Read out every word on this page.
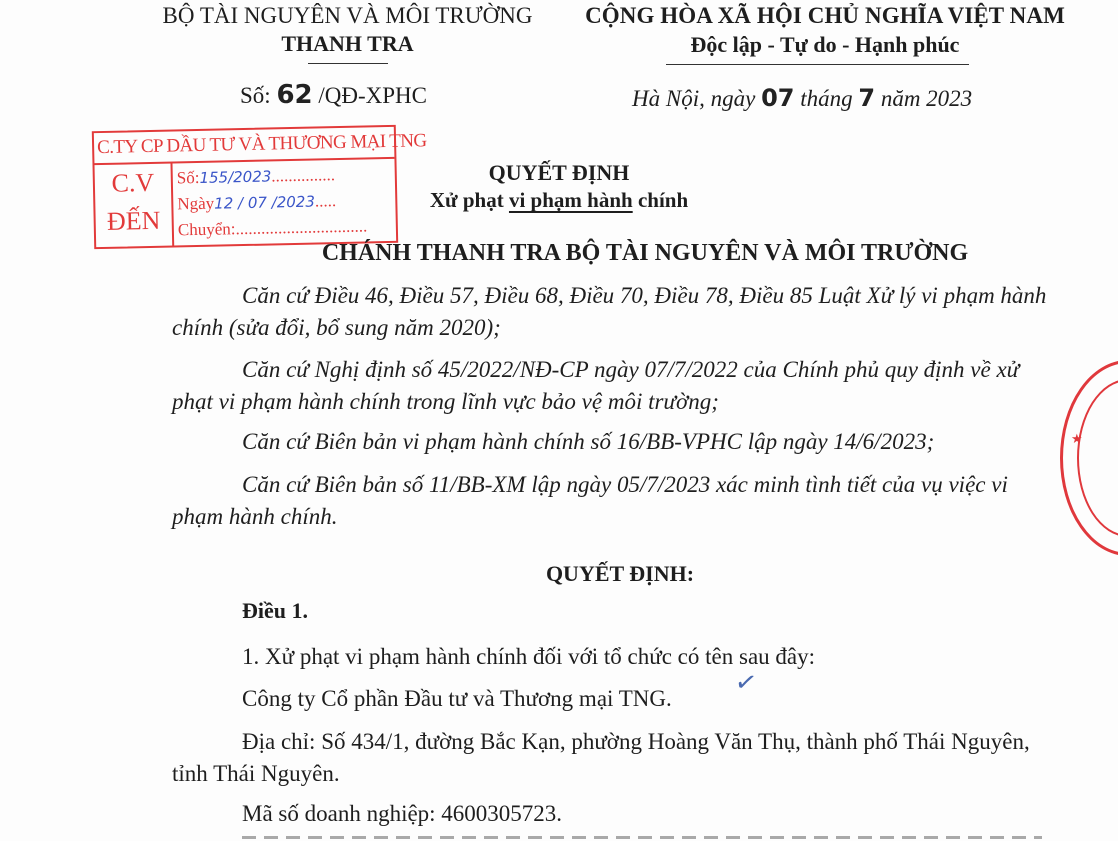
BỘ TÀI NGUYÊN VÀ MÔI TRƯỜNG
THANH TRA
Số: 62 /QĐ-XPHC
CỘNG HÒA XÃ HỘI CHỦ NGHĨA VIỆT NAM
Độc lập - Tự do - Hạnh phúc
Hà Nội, ngày 07 tháng 7 năm 2023
C.TY CP DẦU TƯ VÀ THƯƠNG MẠI TNG
C.V
ĐẾN
Số:155/2023...............
Ngày12 / 07 /2023.....
Chuyển:...............................
★
QUYẾT ĐỊNH
Xử phạt vi phạm hành chính
CHÁNH THANH TRA BỘ TÀI NGUYÊN VÀ MÔI TRƯỜNG
Căn cứ Điều 46, Điều 57, Điều 68, Điều 70, Điều 78, Điều 85 Luật Xử lý vi phạm hành chính (sửa đổi, bổ sung năm 2020);
Căn cứ Nghị định số 45/2022/NĐ-CP ngày 07/7/2022 của Chính phủ quy định về xử phạt vi phạm hành chính trong lĩnh vực bảo vệ môi trường;
Căn cứ Biên bản vi phạm hành chính số 16/BB-VPHC lập ngày 14/6/2023;
Căn cứ Biên bản số 11/BB-XM lập ngày 05/7/2023 xác minh tình tiết của vụ việc vi phạm hành chính.
QUYẾT ĐỊNH:
Điều 1.
1. Xử phạt vi phạm hành chính đối với tổ chức có tên sau đây:
Công ty Cổ phần Đầu tư và Thương mại TNG.	✓
Địa chỉ: Số 434/1, đường Bắc Kạn, phường Hoàng Văn Thụ, thành phố Thái Nguyên, tỉnh Thái Nguyên.
Mã số doanh nghiệp: 4600305723.
